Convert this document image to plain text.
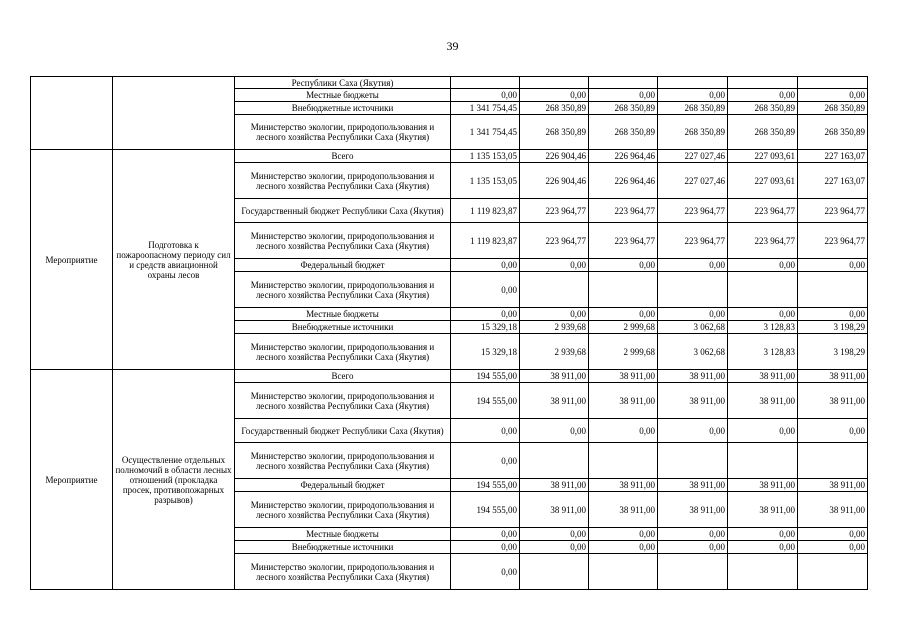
39
		Республики Саха (Якутия)						
		Местные бюджеты	0,00	0,00	0,00	0,00	0,00	0,00
		Внебюджетные источники	1 341 754,45	268 350,89	268 350,89	268 350,89	268 350,89	268 350,89
		Министерство экологии, природопользования и лесного хозяйства Республики Саха (Якутия)	1 341 754,45	268 350,89	268 350,89	268 350,89	268 350,89	268 350,89
Мероприятие	Подготовка к пожароопасному периоду сил и средств авиационной охраны лесов	Всего	1 135 153,05	226 904,46	226 964,46	227 027,46	227 093,61	227 163,07
		Министерство экологии, природопользования и лесного хозяйства Республики Саха (Якутия)	1 135 153,05	226 904,46	226 964,46	227 027,46	227 093,61	227 163,07
		Государственный бюджет Республики Саха (Якутия)	1 119 823,87	223 964,77	223 964,77	223 964,77	223 964,77	223 964,77
		Министерство экологии, природопользования и лесного хозяйства Республики Саха (Якутия)	1 119 823,87	223 964,77	223 964,77	223 964,77	223 964,77	223 964,77
		Федеральный бюджет	0,00	0,00	0,00	0,00	0,00	0,00
		Министерство экологии, природопользования и лесного хозяйства Республики Саха (Якутия)	0,00					
		Местные бюджеты	0,00	0,00	0,00	0,00	0,00	0,00
		Внебюджетные источники	15 329,18	2 939,68	2 999,68	3 062,68	3 128,83	3 198,29
		Министерство экологии, природопользования и лесного хозяйства Республики Саха (Якутия)	15 329,18	2 939,68	2 999,68	3 062,68	3 128,83	3 198,29
Мероприятие	Осуществление отдельных полномочий в области лесных отношений (прокладка просек, противопожарных разрывов)	Всего	194 555,00	38 911,00	38 911,00	38 911,00	38 911,00	38 911,00
		Министерство экологии, природопользования и лесного хозяйства Республики Саха (Якутия)	194 555,00	38 911,00	38 911,00	38 911,00	38 911,00	38 911,00
		Государственный бюджет Республики Саха (Якутия)	0,00	0,00	0,00	0,00	0,00	0,00
		Министерство экологии, природопользования и лесного хозяйства Республики Саха (Якутия)	0,00					
		Федеральный бюджет	194 555,00	38 911,00	38 911,00	38 911,00	38 911,00	38 911,00
		Министерство экологии, природопользования и лесного хозяйства Республики Саха (Якутия)	194 555,00	38 911,00	38 911,00	38 911,00	38 911,00	38 911,00
		Местные бюджеты	0,00	0,00	0,00	0,00	0,00	0,00
		Внебюджетные источники	0,00	0,00	0,00	0,00	0,00	0,00
		Министерство экологии, природопользования и лесного хозяйства Республики Саха (Якутия)	0,00					
